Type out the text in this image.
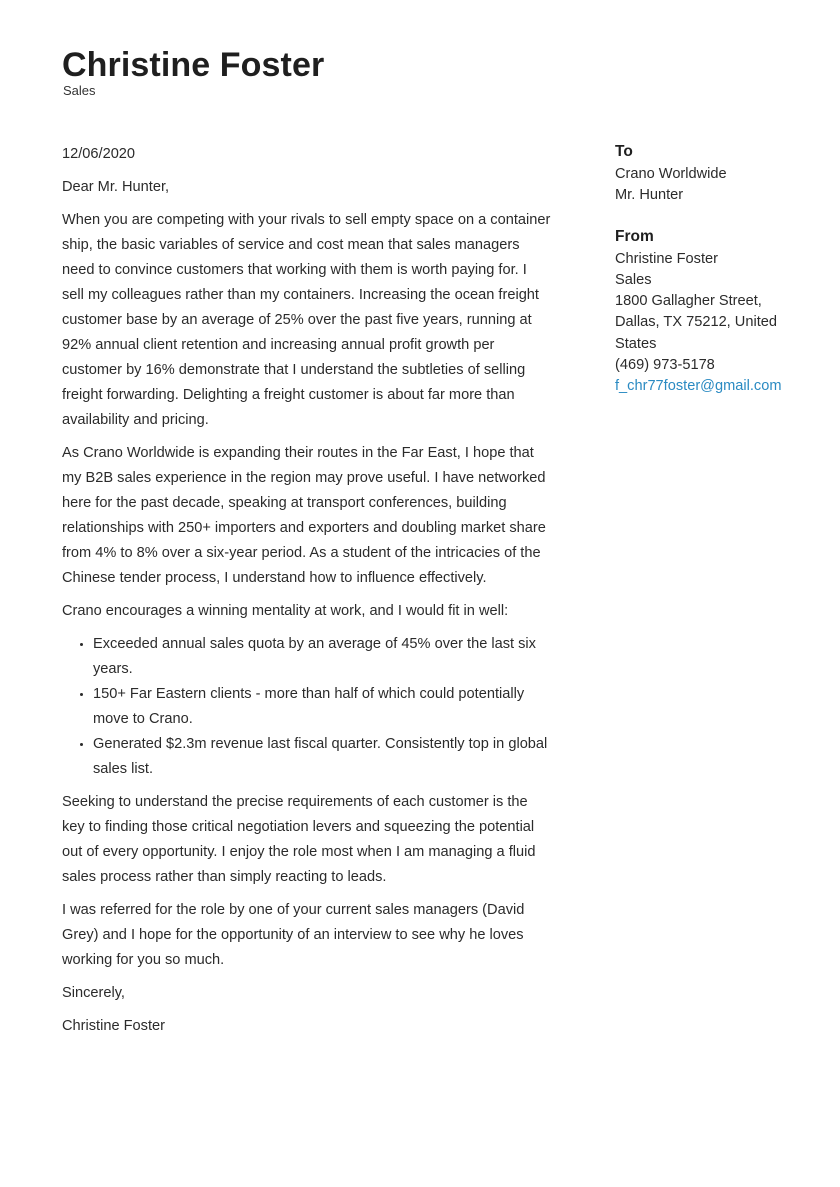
Christine Foster
Sales

12/06/2020

Dear Mr. Hunter,

When you are competing with your rivals to sell empty space on a container ship, the basic variables of service and cost mean that sales managers need to convince customers that working with them is worth paying for. I sell my colleagues rather than my containers. Increasing the ocean freight customer base by an average of 25% over the past five years, running at 92% annual client retention and increasing annual profit growth per customer by 16% demonstrate that I understand the subtleties of selling freight forwarding. Delighting a freight customer is about far more than availability and pricing.

As Crano Worldwide is expanding their routes in the Far East, I hope that my B2B sales experience in the region may prove useful. I have networked here for the past decade, speaking at transport conferences, building relationships with 250+ importers and exporters and doubling market share from 4% to 8% over a six-year period. As a student of the intricacies of the Chinese tender process, I understand how to influence effectively.

Crano encourages a winning mentality at work, and I would fit in well:

• Exceeded annual sales quota by an average of 45% over the last six years.
• 150+ Far Eastern clients - more than half of which could potentially move to Crano.
• Generated $2.3m revenue last fiscal quarter. Consistently top in global sales list.

Seeking to understand the precise requirements of each customer is the key to finding those critical negotiation levers and squeezing the potential out of every opportunity. I enjoy the role most when I am managing a fluid sales process rather than simply reacting to leads.

I was referred for the role by one of your current sales managers (David Grey) and I hope for the opportunity of an interview to see why he loves working for you so much.

Sincerely,

Christine Foster

To
Crano Worldwide
Mr. Hunter
From
Christine Foster
Sales
1800 Gallagher Street,
Dallas, TX 75212, United
States
(469) 973-5178
f_chr77foster@gmail.com
